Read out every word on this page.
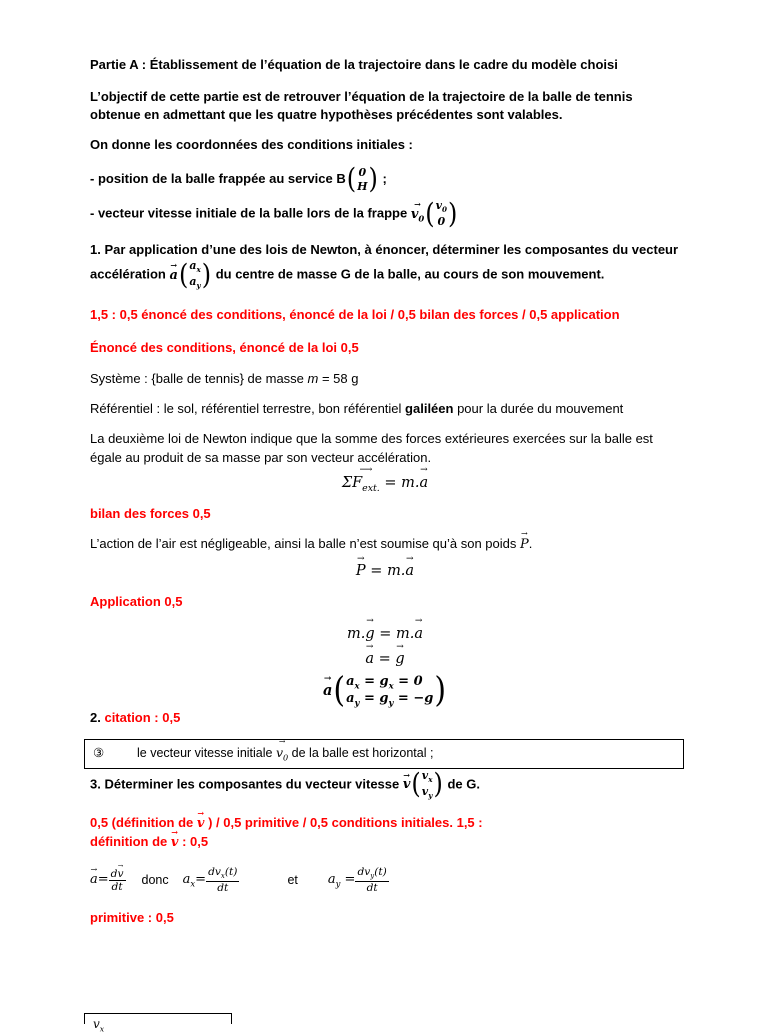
Partie A : Établissement de l’équation de la trajectoire dans le cadre du modèle choisi

L’objectif de cette partie est de retrouver l’équation de la trajectoire de la balle de tennis obtenue en admettant que les quatre hypothèses précédentes sont valables.

On donne les coordonnées des conditions initiales :

- position de la balle frappée au service B ( 0
H ) ;

- vecteur vitesse initiale de la balle lors de la frappe $v_0$ → ( $v_0$
0 )

1. Par application d’une des lois de Newton, à énoncer, déterminer les composantes du vecteur accélération a → ( $a_x$
$a_y$ ) du centre de masse G de la balle, au cours de son mouvement.

1,5 : 0,5 énoncé des conditions, énoncé de la loi / 0,5 bilan des forces / 0,5 application

Énoncé des conditions, énoncé de la loi 0,5

Système : {balle de tennis} de masse m = 58 g

Référentiel : le sol, référentiel terrestre, bon référentiel galiléen pour la durée du mouvement

La deuxième loi de Newton indique que la somme des forces extérieures exercées sur la balle est égale au produit de sa masse par son vecteur accélération.

$\Sigma F_{ext.}$ ⟶ = m.a →

bilan des forces 0,5

L’action de l’air est négligeable, ainsi la balle n’est soumise qu’à son poids P →.

P → = m.a →

Application 0,5

m.g → = m.a →
a → = g →
a → ( $a_x = g_x = 0$
$a_y = g_y = -g$ )

2. citation : 0,5

③	le vecteur vitesse initiale $v_0$ → de la balle est horizontal ;

3. Déterminer les composantes du vecteur vitesse v → ( $v_x$
$v_y$ ) de G.

0,5 (définition de v → ) / 0,5 primitive / 0,5 conditions initiales. 1,5 :

définition de v → : 0,5

a → = $\frac{dv \to}{dt}$ donc $a_x= \frac{dv_x(t)}{dt}$	et $a_y = \frac{dv_y(t)}{dt}$

primitive : 0,5

$v_x$
